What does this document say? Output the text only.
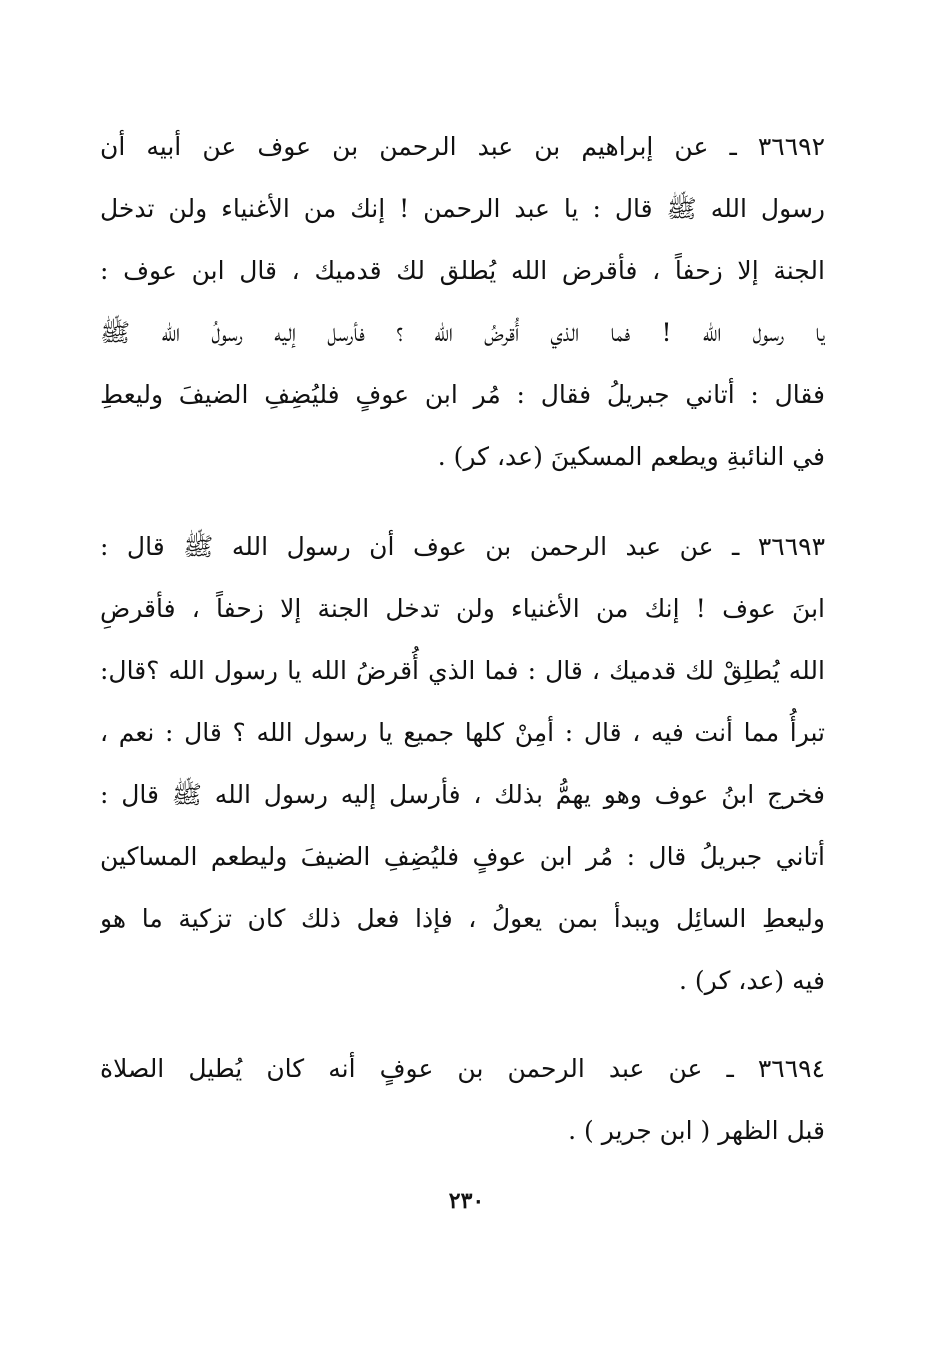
٣٦٦٩٢ ـ عن إبراهيم بن عبد الرحمن بن عوف عن أبيه أن
رسول الله ﷺ قال : يا عبد الرحمن ! إنك من الأغنياء ولن تدخل
الجنة إلا زحفاً ، فأقرض الله يُطلق لك قدميك ، قال ابن عوف :
يا رسول الله ! فما الذي أُقرضُ الله ؟ فأرسل إليه رسولُ الله ﷺ
فقال : أتاني جبريلُ فقال : مُر ابن عوفٍ فليُضِفِ الضيفَ وليعطِ
في النائبةِ ويطعم المسكينَ (عد، كر) .
٣٦٦٩٣ ـ عن عبد الرحمن بن عوف أن رسول الله ﷺ قال :
ابنَ عوف ! إنك من الأغنياء ولن تدخل الجنة إلا زحفاً ، فأقرضِ
الله يُطلِقْ لك قدميك ، قال : فما الذي أُقرضُ الله يا رسول الله ؟قال:
تبرأُ مما أنت فيه ، قال : أمِنْ كلها جميع يا رسول الله ؟ قال : نعم ،
فخرج ابنُ عوف وهو يهمُّ بذلك ، فأرسل إليه رسول الله ﷺ قال :
أتاني جبريلُ قال : مُر ابن عوفٍ فليُضِفِ الضيفَ وليطعم المساكين
وليعطِ السائِل ويبدأ بمن يعولُ ، فإذا فعل ذلك كان تزكية ما هو
فيه (عد، كر) .
٣٦٦٩٤ ـ عن عبد الرحمن بن عوفٍ أنه كان يُطيل الصلاة
قبل الظهر ( ابن جرير ) .
٢٣٠
